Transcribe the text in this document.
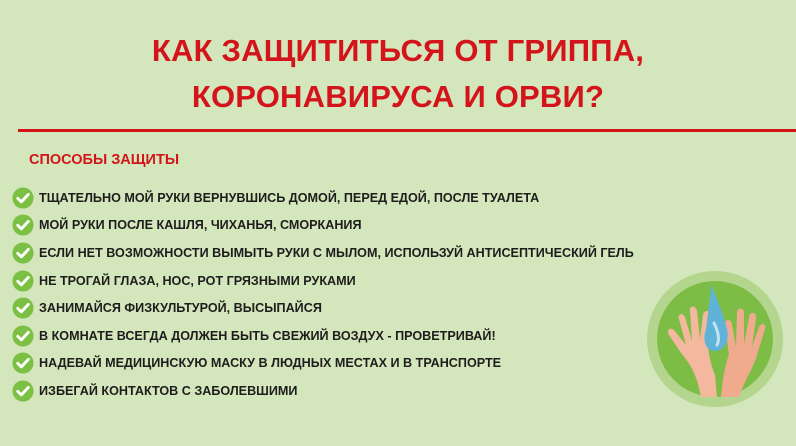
КАК ЗАЩИТИТЬСЯ ОТ ГРИППА,
КОРОНАВИРУСА И ОРВИ?
СПОСОБЫ ЗАЩИТЫ
ТЩАТЕЛЬНО МОЙ РУКИ ВЕРНУВШИСЬ ДОМОЙ, ПЕРЕД ЕДОЙ, ПОСЛЕ ТУАЛЕТА
МОЙ РУКИ ПОСЛЕ КАШЛЯ, ЧИХАНЬЯ, СМОРКАНИЯ
ЕСЛИ НЕТ ВОЗМОЖНОСТИ ВЫМЫТЬ РУКИ С МЫЛОМ, ИСПОЛЬЗУЙ АНТИСЕПТИЧЕСКИЙ ГЕЛЬ
НЕ ТРОГАЙ ГЛАЗА, НОС, РОТ ГРЯЗНЫМИ РУКАМИ
ЗАНИМАЙСЯ ФИЗКУЛЬТУРОЙ, ВЫСЫПАЙСЯ
В КОМНАТЕ ВСЕГДА ДОЛЖЕН БЫТЬ СВЕЖИЙ ВОЗДУХ - ПРОВЕТРИВАЙ!
НАДЕВАЙ МЕДИЦИНСКУЮ МАСКУ В ЛЮДНЫХ МЕСТАХ И В ТРАНСПОРТЕ
ИЗБЕГАЙ КОНТАКТОВ С ЗАБОЛЕВШИМИ
